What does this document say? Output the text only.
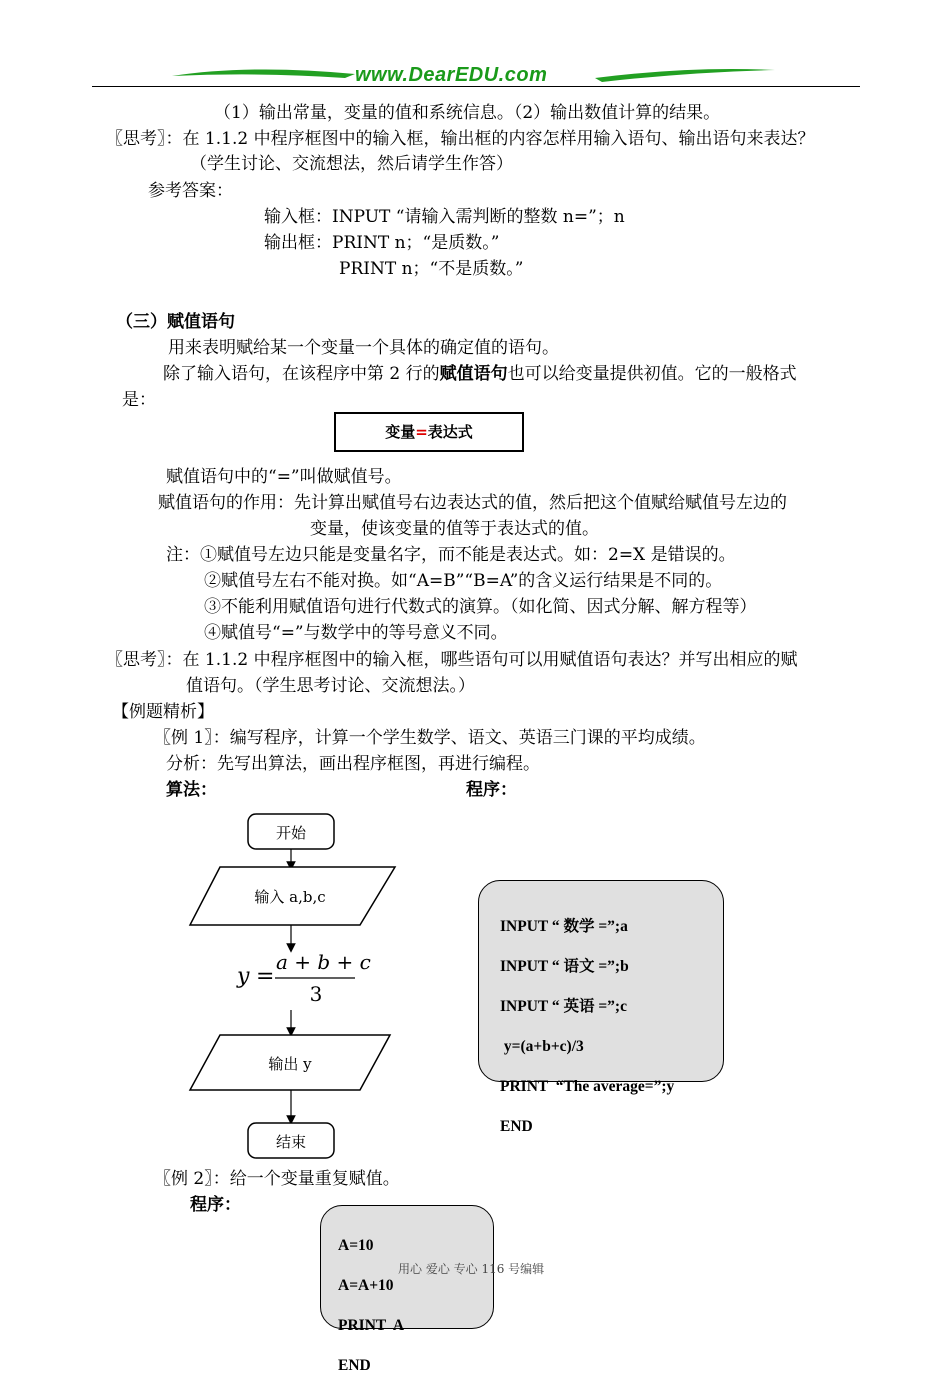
www.DearEDU.com
（1）输出常量，变量的值和系统信息。（2）输出数值计算的结果。
〖思考〗：在 1.1.2 中程序框图中的输入框，输出框的内容怎样用输入语句、输出语句来表达？
（学生讨论、交流想法，然后请学生作答）
参考答案：
输入框：INPUT “请输入需判断的整数 n=”；n
输出框：PRINT n；“是质数。”
PRINT n；“不是质数。”
（三）赋值语句
用来表明赋给某一个变量一个具体的确定值的语句。
除了输入语句，在该程序中第 2 行的赋值语句也可以给变量提供初值。它的一般格式
是：
变量=表达式
赋值语句中的“=”叫做赋值号。
赋值语句的作用：先计算出赋值号右边表达式的值，然后把这个值赋给赋值号左边的
变量，使该变量的值等于表达式的值。
注：①赋值号左边只能是变量名字，而不能是表达式。如：2=X 是错误的。
②赋值号左右不能对换。如“A=B”“B=A”的含义运行结果是不同的。
③不能利用赋值语句进行代数式的演算。（如化简、因式分解、解方程等）
④赋值号“=”与数学中的等号意义不同。
〖思考〗：在 1.1.2 中程序框图中的输入框，哪些语句可以用赋值语句表达？并写出相应的赋
值语句。（学生思考讨论、交流想法。）
【例题精析】
〖例 1〗：编写程序，计算一个学生数学、语文、英语三门课的平均成绩。
分析：先写出算法，画出程序框图，再进行编程。
算法：	程序：
开始
输入 a,b,c
y =
a + b + c
3
输出 y
结束

INPUT “ 数学 =”;a

INPUT “ 语文 =”;b

INPUT “ 英语 =”;c

y=(a+b+c)/3

PRINT  “The average=”;y

END

〖例 2〗：给一个变量重复赋值。
程序：

A=10

A=A+10

PRINT  A

END

用心 爱心 专心 116 号编辑
